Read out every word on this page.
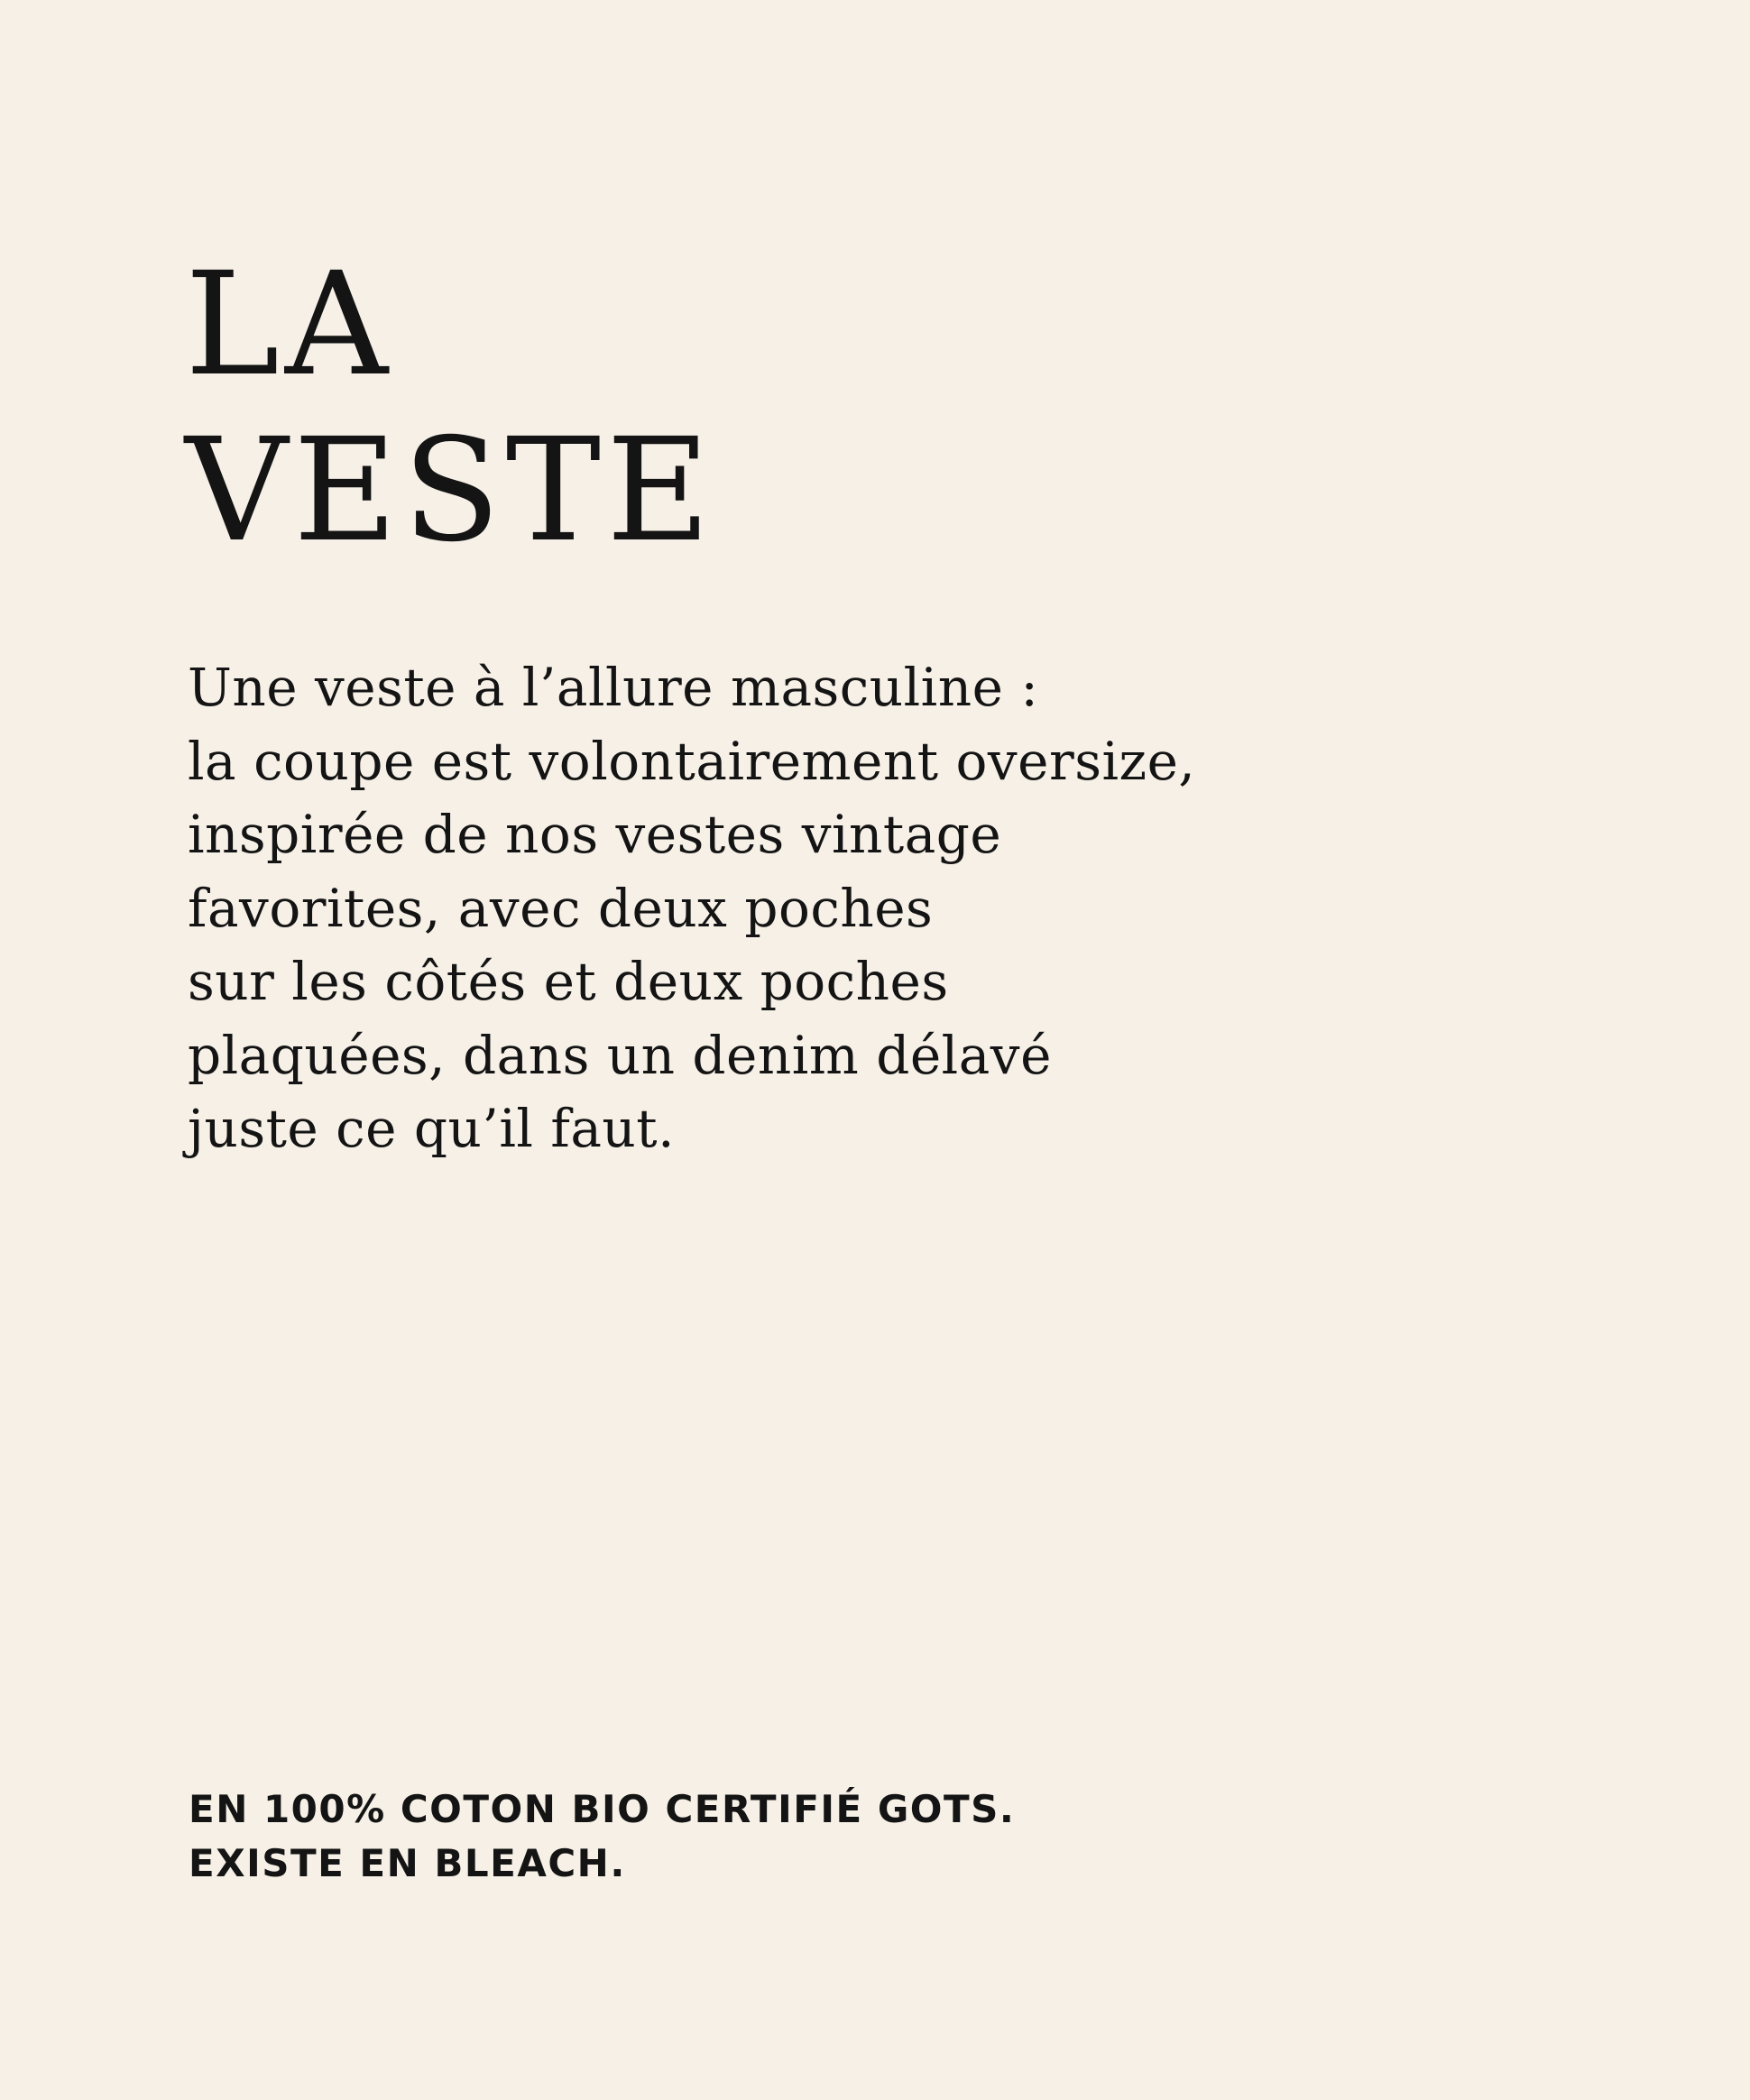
LA
VESTE

Une veste à l’allure masculine :
la coupe est volontairement oversize,
inspirée de nos vestes vintage
favorites, avec deux poches
sur les côtés et deux poches
plaquées, dans un denim délavé
juste ce qu’il faut.

EN 100% COTON BIO CERTIFIÉ GOTS.
EXISTE EN BLEACH.
